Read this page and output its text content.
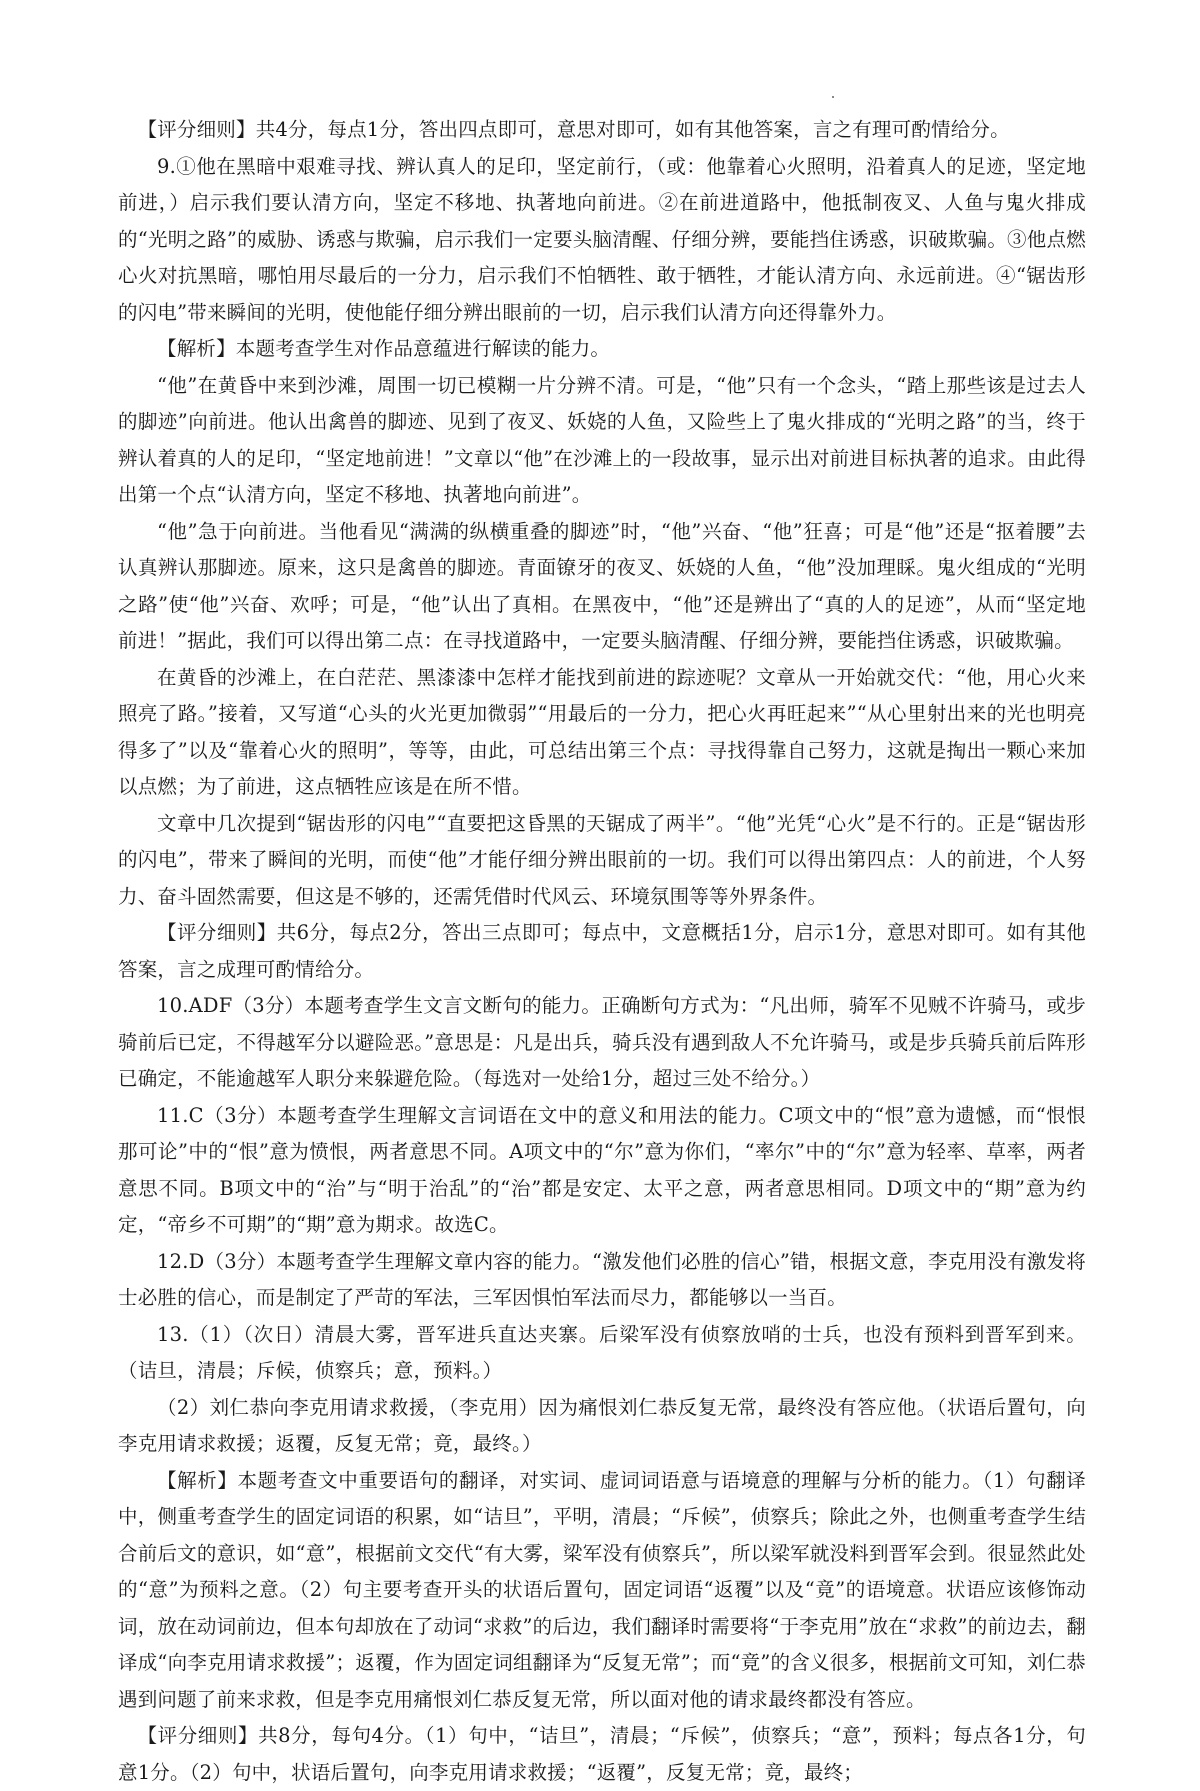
【评分细则】共4分，每点1分，答出四点即可，意思对即可，如有其他答案，言之有理可酌情给分。

9.①他在黑暗中艰难寻找、辨认真人的足印，坚定前行，（或：他靠着心火照明，沿着真人的足迹，坚定地前进，）启示我们要认清方向，坚定不移地、执著地向前进。②在前进道路中，他抵制夜叉、人鱼与鬼火排成的“光明之路”的威胁、诱惑与欺骗，启示我们一定要头脑清醒、仔细分辨，要能挡住诱惑，识破欺骗。③他点燃心火对抗黑暗，哪怕用尽最后的一分力，启示我们不怕牺牲、敢于牺牲，才能认清方向、永远前进。④“锯齿形的闪电”带来瞬间的光明，使他能仔细分辨出眼前的一切，启示我们认清方向还得靠外力。

【解析】本题考查学生对作品意蕴进行解读的能力。

“他”在黄昏中来到沙滩，周围一切已模糊一片分辨不清。可是，“他”只有一个念头，“踏上那些该是过去人的脚迹”向前进。他认出禽兽的脚迹、见到了夜叉、妖娆的人鱼，又险些上了鬼火排成的“光明之路”的当，终于辨认着真的人的足印，“坚定地前进！”文章以“他”在沙滩上的一段故事，显示出对前进目标执著的追求。由此得出第一个点“认清方向，坚定不移地、执著地向前进”。

“他”急于向前进。当他看见“满满的纵横重叠的脚迹”时，“他”兴奋、“他”狂喜；可是“他”还是“抠着腰”去认真辨认那脚迹。原来，这只是禽兽的脚迹。青面镣牙的夜叉、妖娆的人鱼，“他”没加理睬。鬼火组成的“光明之路”使“他”兴奋、欢呼；可是，“他”认出了真相。在黑夜中，“他”还是辨出了“真的人的足迹”，从而“坚定地前进！”据此，我们可以得出第二点：在寻找道路中，一定要头脑清醒、仔细分辨，要能挡住诱惑，识破欺骗。

在黄昏的沙滩上，在白茫茫、黑漆漆中怎样才能找到前进的踪迹呢？文章从一开始就交代：“他，用心火来照亮了路。”接着，又写道“心头的火光更加微弱”“用最后的一分力，把心火再旺起来”“从心里射出来的光也明亮得多了”以及“靠着心火的照明”，等等，由此，可总结出第三个点：寻找得靠自己努力，这就是掏出一颗心来加以点燃；为了前进，这点牺牲应该是在所不惜。

文章中几次提到“锯齿形的闪电”“直要把这昏黑的天锯成了两半”。“他”光凭“心火”是不行的。正是“锯齿形的闪电”，带来了瞬间的光明，而使“他”才能仔细分辨出眼前的一切。我们可以得出第四点：人的前进，个人努力、奋斗固然需要，但这是不够的，还需凭借时代风云、环境氛围等等外界条件。

【评分细则】共6分，每点2分，答出三点即可；每点中，文意概括1分，启示1分，意思对即可。如有其他答案，言之成理可酌情给分。

10.ADF（3分）本题考查学生文言文断句的能力。正确断句方式为：“凡出师，骑军不见贼不许骑马，或步骑前后已定，不得越军分以避险恶。”意思是：凡是出兵，骑兵没有遇到敌人不允许骑马，或是步兵骑兵前后阵形已确定，不能逾越军人职分来躲避危险。（每选对一处给1分，超过三处不给分。）

11.C（3分）本题考查学生理解文言词语在文中的意义和用法的能力。C项文中的“恨”意为遗憾，而“恨恨那可论”中的“恨”意为愤恨，两者意思不同。A项文中的“尔”意为你们，“率尔”中的“尔”意为轻率、草率，两者意思不同。B项文中的“治”与“明于治乱”的“治”都是安定、太平之意，两者意思相同。D项文中的“期”意为约定，“帝乡不可期”的“期”意为期求。故选C。

12.D（3分）本题考查学生理解文章内容的能力。“激发他们必胜的信心”错，根据文意，李克用没有激发将士必胜的信心，而是制定了严苛的军法，三军因惧怕军法而尽力，都能够以一当百。

13.（1）（次日）清晨大雾，晋军进兵直达夹寨。后梁军没有侦察放哨的士兵，也没有预料到晋军到来。（诘旦，清晨；斥候，侦察兵；意，预料。）

（2）刘仁恭向李克用请求救援，（李克用）因为痛恨刘仁恭反复无常，最终没有答应他。（状语后置句，向李克用请求救援；返覆，反复无常；竟，最终。）

【解析】本题考查文中重要语句的翻译，对实词、虚词词语意与语境意的理解与分析的能力。（1）句翻译中，侧重考查学生的固定词语的积累，如“诘旦”，平明，清晨；“斥候”，侦察兵；除此之外，也侧重考查学生结合前后文的意识，如“意”，根据前文交代“有大雾，梁军没有侦察兵”，所以梁军就没料到晋军会到。很显然此处的“意”为预料之意。（2）句主要考查开头的状语后置句，固定词语“返覆”以及“竟”的语境意。状语应该修饰动词，放在动词前边，但本句却放在了动词“求救”的后边，我们翻译时需要将“于李克用”放在“求救”的前边去，翻译成“向李克用请求救援”；返覆，作为固定词组翻译为“反复无常”；而“竟”的含义很多，根据前文可知，刘仁恭遇到问题了前来求救，但是李克用痛恨刘仁恭反复无常，所以面对他的请求最终都没有答应。

【评分细则】共8分，每句4分。（1）句中，“诘旦”，清晨；“斥候”，侦察兵；“意”，预料；每点各1分，句意1分。（2）句中，状语后置句，向李克用请求救援；“返覆”，反复无常；竟，最终；
